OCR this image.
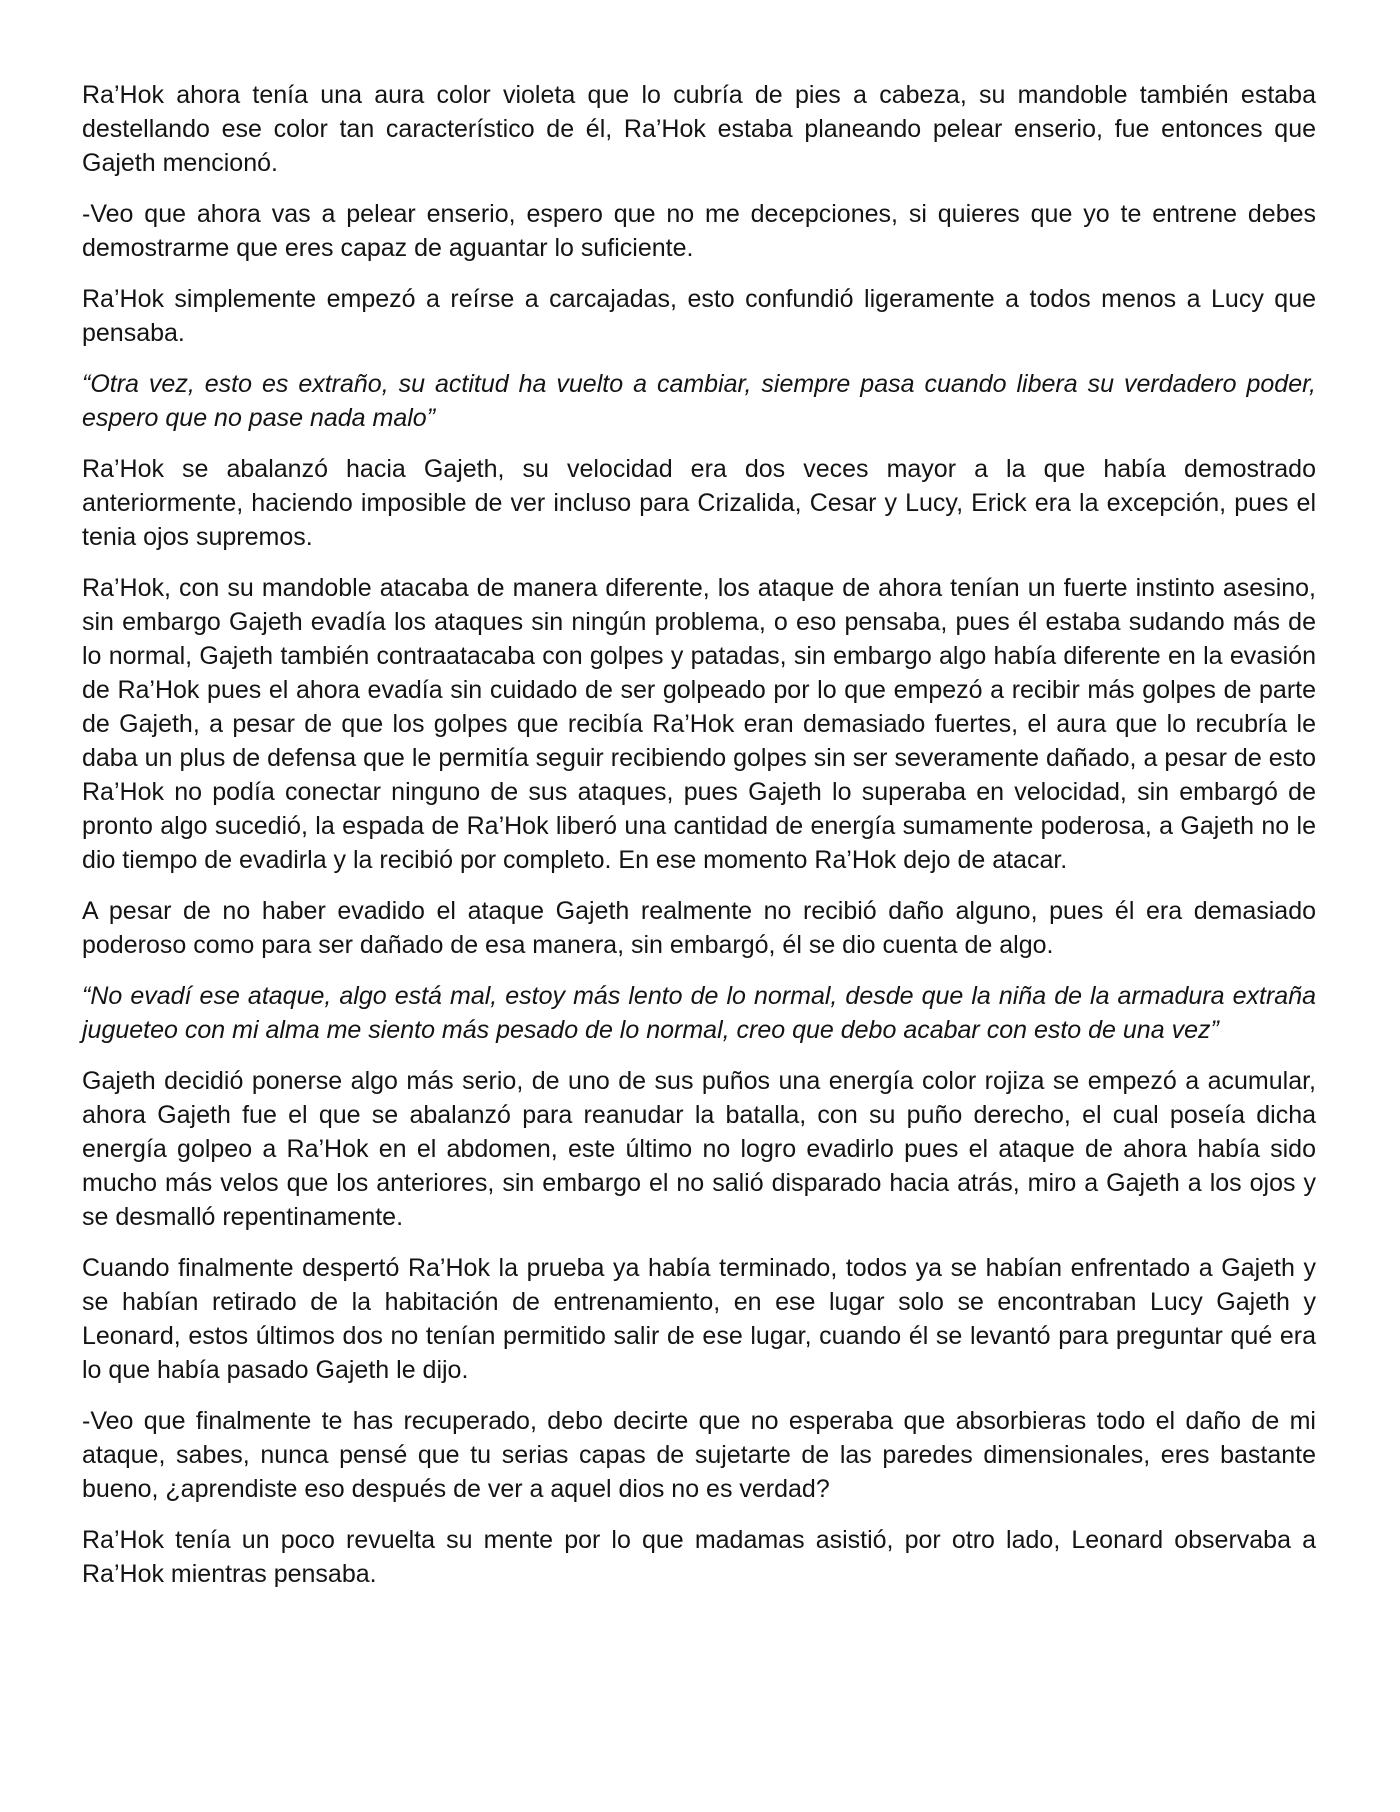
Ra’Hok ahora tenía una aura color violeta que lo cubría de pies a cabeza, su mandoble también estaba destellando ese color tan característico de él, Ra’Hok estaba planeando pelear enserio, fue entonces que Gajeth mencionó.

-Veo que ahora vas a pelear enserio, espero que no me decepciones, si quieres que yo te entrene debes demostrarme que eres capaz de aguantar lo suficiente.

Ra’Hok simplemente empezó a reírse a carcajadas, esto confundió ligeramente a todos menos a Lucy que pensaba.

“Otra vez, esto es extraño, su actitud ha vuelto a cambiar, siempre pasa cuando libera su verdadero poder, espero que no pase nada malo”

Ra’Hok se abalanzó hacia Gajeth, su velocidad era dos veces mayor a la que había demostrado anteriormente, haciendo imposible de ver incluso para Crizalida, Cesar y Lucy, Erick era la excepción, pues el tenia ojos supremos.

Ra’Hok, con su mandoble atacaba de manera diferente, los ataque de ahora tenían un fuerte instinto asesino, sin embargo Gajeth evadía los ataques sin ningún problema, o eso pensaba, pues él estaba sudando más de lo normal, Gajeth también contraatacaba con golpes y patadas, sin embargo algo había diferente en la evasión de Ra’Hok pues el ahora evadía sin cuidado de ser golpeado por lo que empezó a recibir más golpes de parte de Gajeth, a pesar de que los golpes que recibía Ra’Hok eran demasiado fuertes, el aura que lo recubría le daba un plus de defensa que le permitía seguir recibiendo golpes sin ser severamente dañado, a pesar de esto Ra’Hok no podía conectar ninguno de sus ataques, pues Gajeth lo superaba en velocidad, sin embargó de pronto algo sucedió, la espada de Ra’Hok liberó una cantidad de energía sumamente poderosa, a Gajeth no le dio tiempo de evadirla y la recibió por completo. En ese momento Ra’Hok dejo de atacar.

A pesar de no haber evadido el ataque Gajeth realmente no recibió daño alguno, pues él era demasiado poderoso como para ser dañado de esa manera, sin embargó, él se dio cuenta de algo.

“No evadí ese ataque, algo está mal, estoy más lento de lo normal, desde que la niña de la armadura extraña jugueteo con mi alma me siento más pesado de lo normal, creo que debo acabar con esto de una vez”

Gajeth decidió ponerse algo más serio, de uno de sus puños una energía color rojiza se empezó a acumular, ahora Gajeth fue el que se abalanzó para reanudar la batalla, con su puño derecho, el cual poseía dicha energía golpeo a Ra’Hok en el abdomen, este último no logro evadirlo pues el ataque de ahora había sido mucho más velos que los anteriores, sin embargo el no salió disparado hacia atrás, miro a Gajeth a los ojos y se desmalló repentinamente.

Cuando finalmente despertó Ra’Hok la prueba ya había terminado, todos ya se habían enfrentado a Gajeth y se habían retirado de la habitación de entrenamiento, en ese lugar solo se encontraban Lucy Gajeth y Leonard, estos últimos dos no tenían permitido salir de ese lugar, cuando él se levantó para preguntar qué era lo que había pasado Gajeth le dijo.

-Veo que finalmente te has recuperado, debo decirte que no esperaba que absorbieras todo el daño de mi ataque, sabes, nunca pensé que tu serias capas de sujetarte de las paredes dimensionales, eres bastante bueno, ¿aprendiste eso después de ver a aquel dios no es verdad?

Ra’Hok tenía un poco revuelta su mente por lo que madamas asistió, por otro lado, Leonard observaba a Ra’Hok mientras pensaba.
